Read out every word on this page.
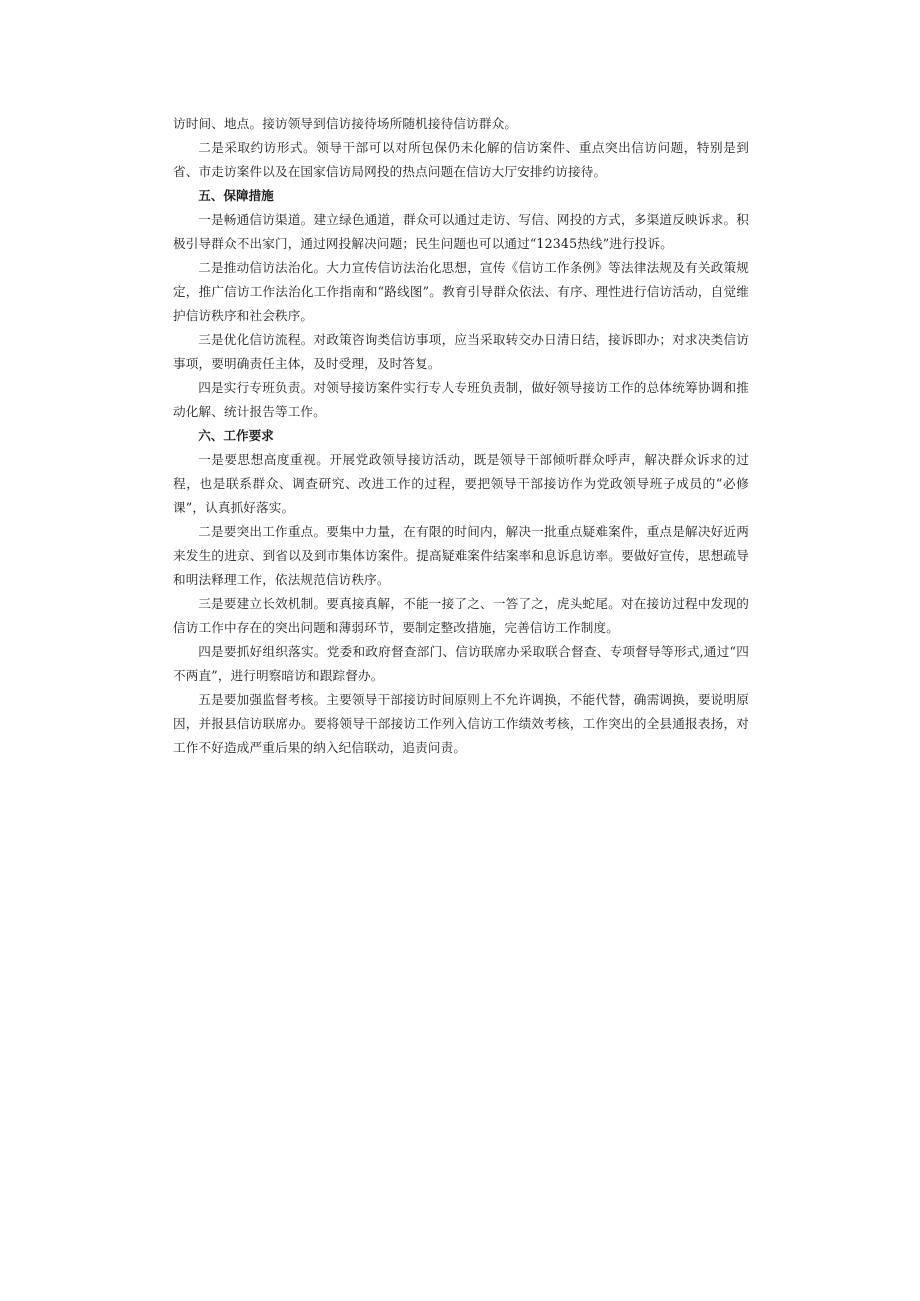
访时间、地点。接访领导到信访接待场所随机接待信访群众。

二是采取约访形式。领导干部可以对所包保仍未化解的信访案件、重点突出信访问题，特别是到省、市走访案件以及在国家信访局网投的热点问题在信访大厅安排约访接待。

五、保障措施

一是畅通信访渠道。建立绿色通道，群众可以通过走访、写信、网投的方式，多渠道反映诉求。积极引导群众不出家门，通过网投解决问题；民生问题也可以通过“12345热线”进行投诉。

二是推动信访法治化。大力宣传信访法治化思想，宣传《信访工作条例》等法律法规及有关政策规定，推广信访工作法治化工作指南和“路线图”。教育引导群众依法、有序、理性进行信访活动，自觉维护信访秩序和社会秩序。

三是优化信访流程。对政策咨询类信访事项，应当采取转交办日清日结，接诉即办；对求决类信访事项，要明确责任主体，及时受理，及时答复。

四是实行专班负责。对领导接访案件实行专人专班负责制，做好领导接访工作的总体统筹协调和推动化解、统计报告等工作。

六、工作要求

一是要思想高度重视。开展党政领导接访活动，既是领导干部倾听群众呼声，解决群众诉求的过程，也是联系群众、调查研究、改进工作的过程，要把领导干部接访作为党政领导班子成员的“必修课”，认真抓好落实。

二是要突出工作重点。要集中力量，在有限的时间内，解决一批重点疑难案件，重点是解决好近两来发生的进京、到省以及到市集体访案件。提高疑难案件结案率和息诉息访率。要做好宣传，思想疏导和明法释理工作，依法规范信访秩序。

三是要建立长效机制。要真接真解，不能一接了之、一答了之，虎头蛇尾。对在接访过程中发现的信访工作中存在的突出问题和薄弱环节，要制定整改措施，完善信访工作制度。

四是要抓好组织落实。党委和政府督查部门、信访联席办采取联合督查、专项督导等形式,通过“四不两直”，进行明察暗访和跟踪督办。

五是要加强监督考核。主要领导干部接访时间原则上不允许调换，不能代替，确需调换，要说明原因，并报县信访联席办。要将领导干部接访工作列入信访工作绩效考核，工作突出的全县通报表扬，对工作不好造成严重后果的纳入纪信联动，追责问责。
